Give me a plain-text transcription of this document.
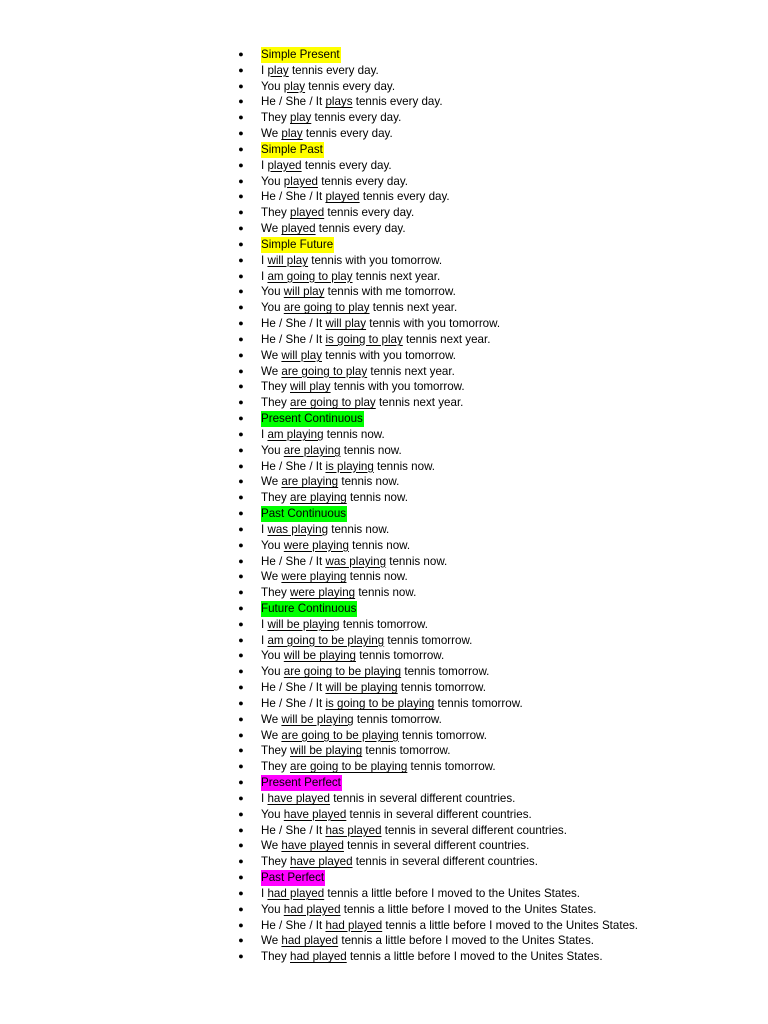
● Simple Present
● I play tennis every day.
● You play tennis every day.
● He / She / It plays tennis every day.
● They play tennis every day.
● We play tennis every day.
● Simple Past
● I played tennis every day.
● You played tennis every day.
● He / She / It played tennis every day.
● They played tennis every day.
● We played tennis every day.
● Simple Future
● I will play tennis with you tomorrow.
● I am going to play tennis next year.
● You will play tennis with me tomorrow.
● You are going to play tennis next year.
● He / She / It will play tennis with you tomorrow.
● He / She / It is going to play tennis next year.
● We will play tennis with you tomorrow.
● We are going to play tennis next year.
● They will play tennis with you tomorrow.
● They are going to play tennis next year.
● Present Continuous
● I am playing tennis now.
● You are playing tennis now.
● He / She / It is playing tennis now.
● We are playing tennis now.
● They are playing tennis now.
● Past Continuous
● I was playing tennis now.
● You were playing tennis now.
● He / She / It was playing tennis now.
● We were playing tennis now.
● They were playing tennis now.
● Future Continuous
● I will be playing tennis tomorrow.
● I am going to be playing tennis tomorrow.
● You will be playing tennis tomorrow.
● You are going to be playing tennis tomorrow.
● He / She / It will be playing tennis tomorrow.
● He / She / It is going to be playing tennis tomorrow.
● We will be playing tennis tomorrow.
● We are going to be playing tennis tomorrow.
● They will be playing tennis tomorrow.
● They are going to be playing tennis tomorrow.
● Present Perfect
● I have played tennis in several different countries.
● You have played tennis in several different countries.
● He / She / It has played tennis in several different countries.
● We have played tennis in several different countries.
● They have played tennis in several different countries.
● Past Perfect
● I had played tennis a little before I moved to the Unites States.
● You had played tennis a little before I moved to the Unites States.
● He / She / It had played tennis a little before I moved to the Unites States.
● We had played tennis a little before I moved to the Unites States.
● They had played tennis a little before I moved to the Unites States.
